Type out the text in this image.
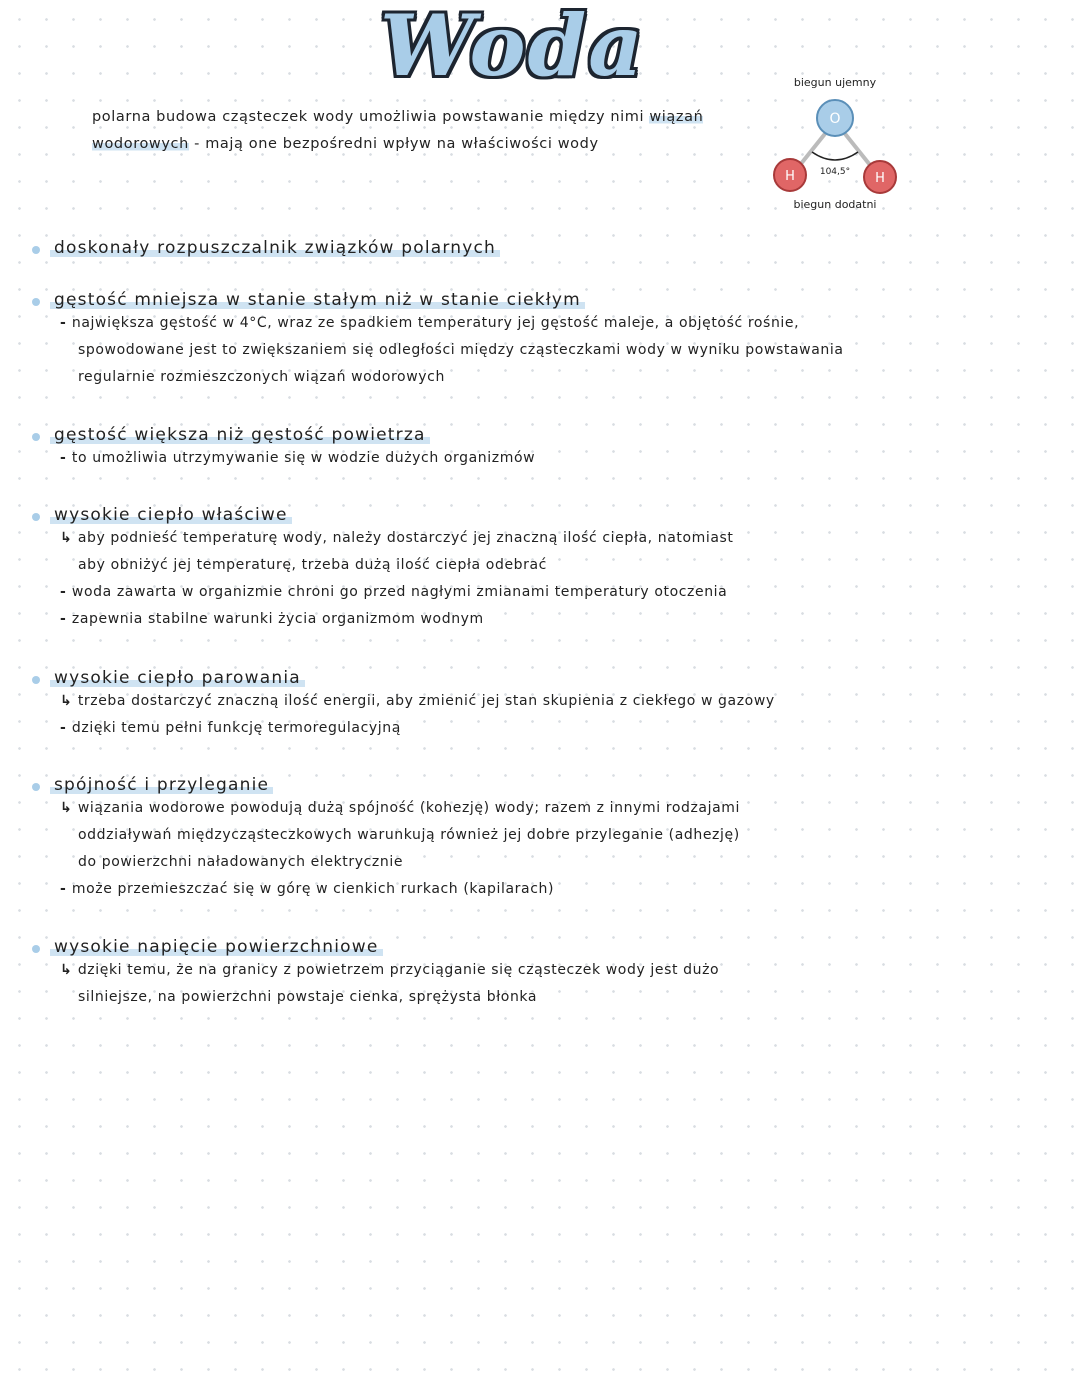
Woda
polarna budowa cząsteczek wody umożliwia powstawanie między nimi wiązań wodorowych - mają one bezpośredni wpływ na właściwości wody
biegun ujemny
O
H	H
104,5°
biegun dodatni
doskonały rozpuszczalnik związków polarnych
gęstość mniejsza w stanie stałym niż w stanie ciekłym
- największa gęstość w 4°C, wraz ze spadkiem temperatury jej gęstość maleje, a objętość rośnie,
spowodowane jest to zwiększaniem się odległości między cząsteczkami wody w wyniku powstawania
regularnie rozmieszczonych wiązań wodorowych
gęstość większa niż gęstość powietrza
- to umożliwia utrzymywanie się w wodzie dużych organizmów
wysokie ciepło właściwe
↳ aby podnieść temperaturę wody, należy dostarczyć jej znaczną ilość ciepła, natomiast
aby obniżyć jej temperaturę, trzeba dużą ilość ciepła odebrać
- woda zawarta w organizmie chroni go przed nagłymi zmianami temperatury otoczenia
- zapewnia stabilne warunki życia organizmom wodnym
wysokie ciepło parowania
↳ trzeba dostarczyć znaczną ilość energii, aby zmienić jej stan skupienia z ciekłego w gazowy
- dzięki temu pełni funkcję termoregulacyjną
spójność i przyleganie
↳ wiązania wodorowe powodują dużą spójność (kohezję) wody; razem z innymi rodzajami
oddziaływań międzycząsteczkowych warunkują również jej dobre przyleganie (adhezję)
do powierzchni naładowanych elektrycznie
- może przemieszczać się w górę w cienkich rurkach (kapilarach)
wysokie napięcie powierzchniowe
↳ dzięki temu, że na granicy z powietrzem przyciąganie się cząsteczek wody jest dużo
silniejsze, na powierzchni powstaje cienka, sprężysta błonka
